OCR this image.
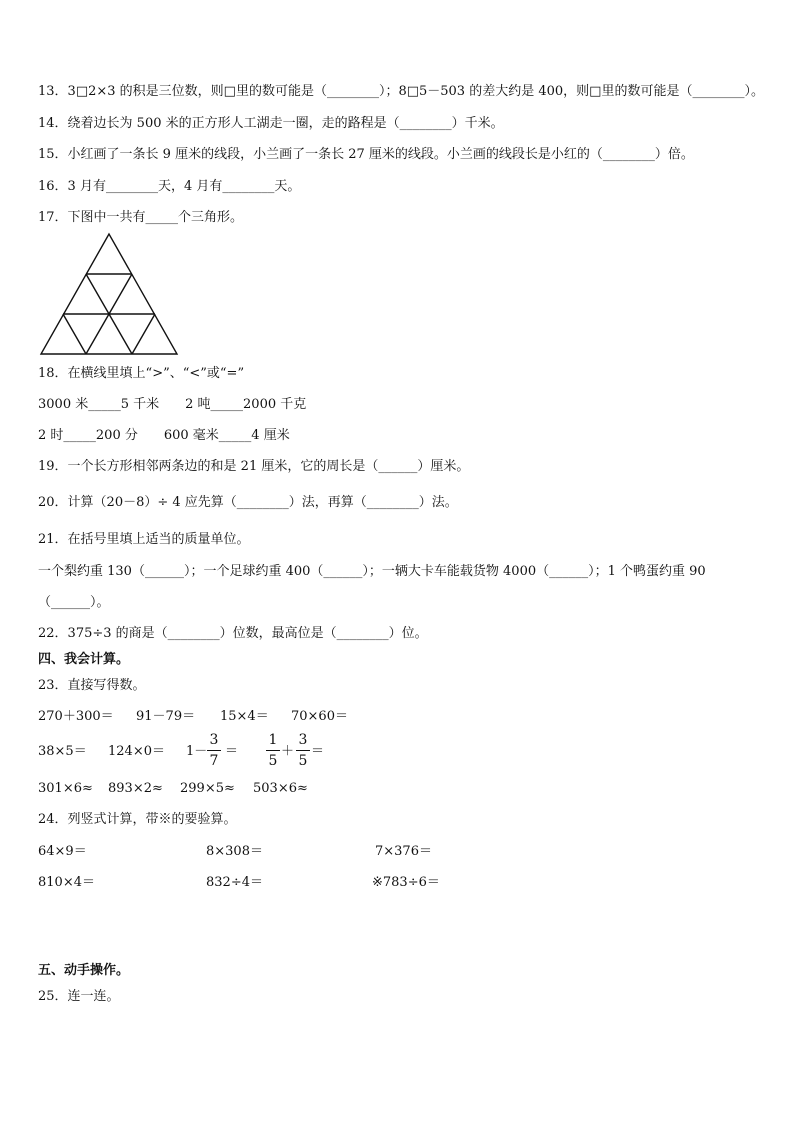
13．3□2×3 的积是三位数，则□里的数可能是（________）；8□5－503 的差大约是 400，则□里的数可能是（________）。
14．绕着边长为 500 米的正方形人工湖走一圈，走的路程是（________）千米。
15．小红画了一条长 9 厘米的线段，小兰画了一条长 27 厘米的线段。小兰画的线段长是小红的（________）倍。
16．3 月有________天，4 月有________天。
17．下图中一共有_____个三角形。
18．在横线里填上“>”、“<”或“=”
3000 米_____5 千米　　2 吨_____2000 千克
2 时_____200 分　　600 毫米_____4 厘米
19．一个长方形相邻两条边的和是 21 厘米，它的周长是（______）厘米。
20．计算（20－8）÷ 4 应先算（________）法，再算（________）法。
21．在括号里填上适当的质量单位。
一个梨约重 130（______）；一个足球约重 400（______）；一辆大卡车能载货物 4000（______）；1 个鸭蛋约重 90
（______）。
22．375÷3 的商是（________）位数，最高位是（________）位。
四、我会计算。
23．直接写得数。
270＋300＝ 91－79＝ 15×4＝ 70×60＝
38×5＝ 124×0＝ 1－
3
7
＝
1
5
＋
3
5
＝
301×6≈ 893×2≈ 299×5≈ 503×6≈
24．列竖式计算，带※的要验算。
64×9＝	8×308＝	7×376＝
810×4＝	832÷4＝	※783÷6＝
五、动手操作。
25．连一连。
